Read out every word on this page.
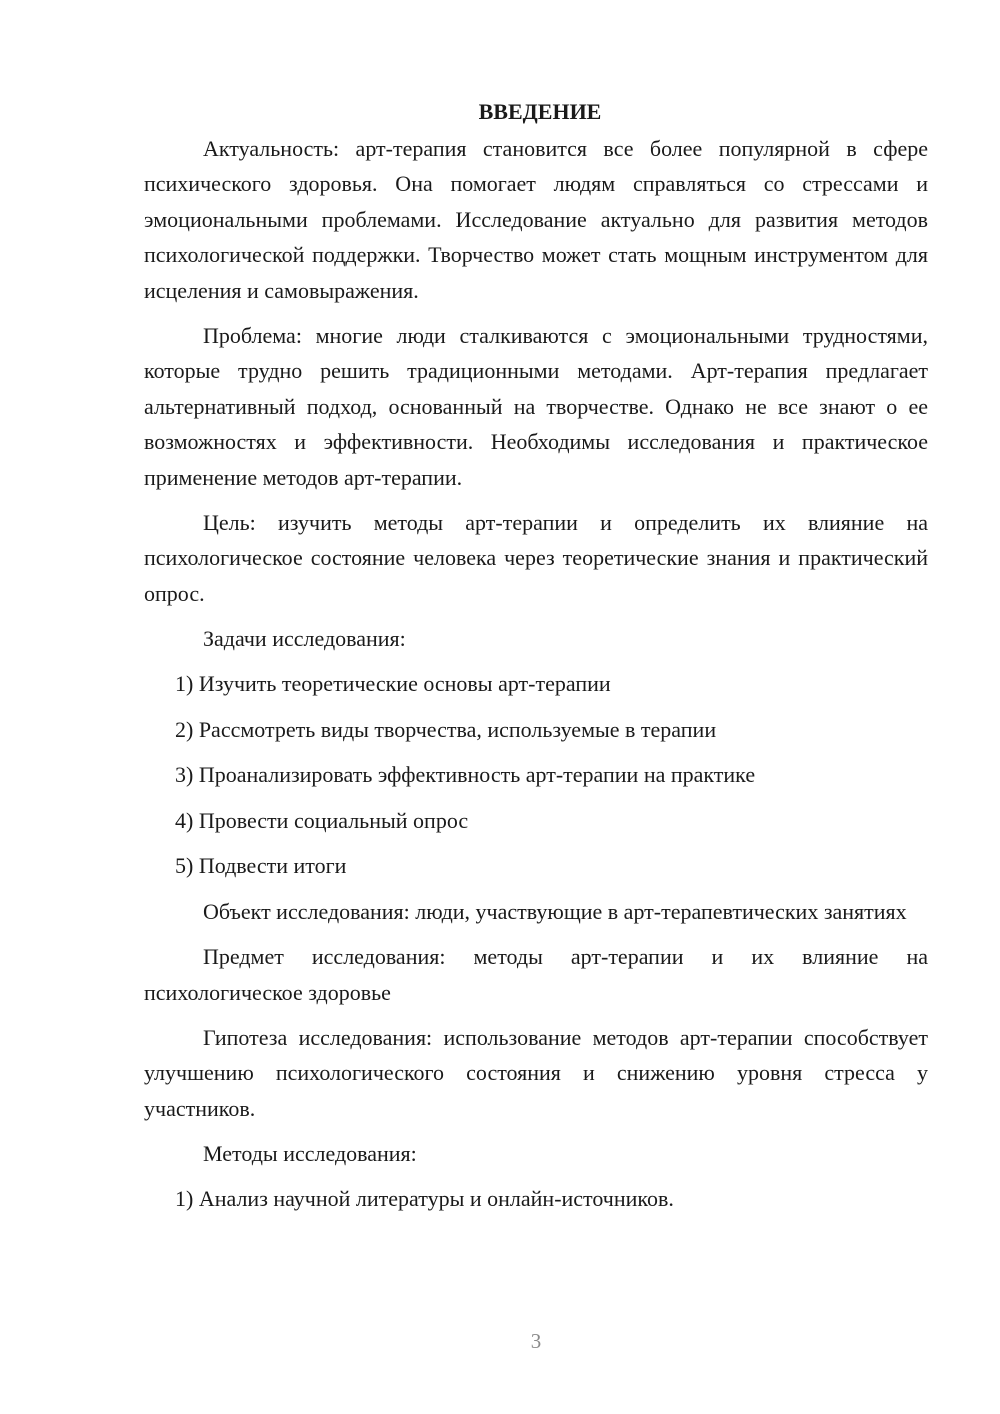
ВВЕДЕНИЕ

Актуальность: арт-терапия становится все более популярной в сфере психического здоровья. Она помогает людям справляться со стрессами и эмоциональными проблемами. Исследование актуально для развития методов психологической поддержки. Творчество может стать мощным инструментом для исцеления и самовыражения.

Проблема: многие люди сталкиваются с эмоциональными трудностями, которые трудно решить традиционными методами. Арт-терапия предлагает альтернативный подход, основанный на творчестве. Однако не все знают о ее возможностях и эффективности. Необходимы исследования и практическое применение методов арт-терапии.

Цель: изучить методы арт-терапии и определить их влияние на психологическое состояние человека через теоретические знания и практический опрос.

Задачи исследования:

1) Изучить теоретические основы арт-терапии
2) Рассмотреть виды творчества, используемые в терапии
3) Проанализировать эффективность арт-терапии на практике
4) Провести социальный опрос
5) Подвести итоги

Объект исследования: люди, участвующие в арт-терапевтических занятиях

Предмет исследования: методы арт-терапии и их влияние на психологическое здоровье

Гипотеза исследования: использование методов арт-терапии способствует улучшению психологического состояния и снижению уровня стресса у участников.

Методы исследования:

1) Анализ научной литературы и онлайн-источников.
3
